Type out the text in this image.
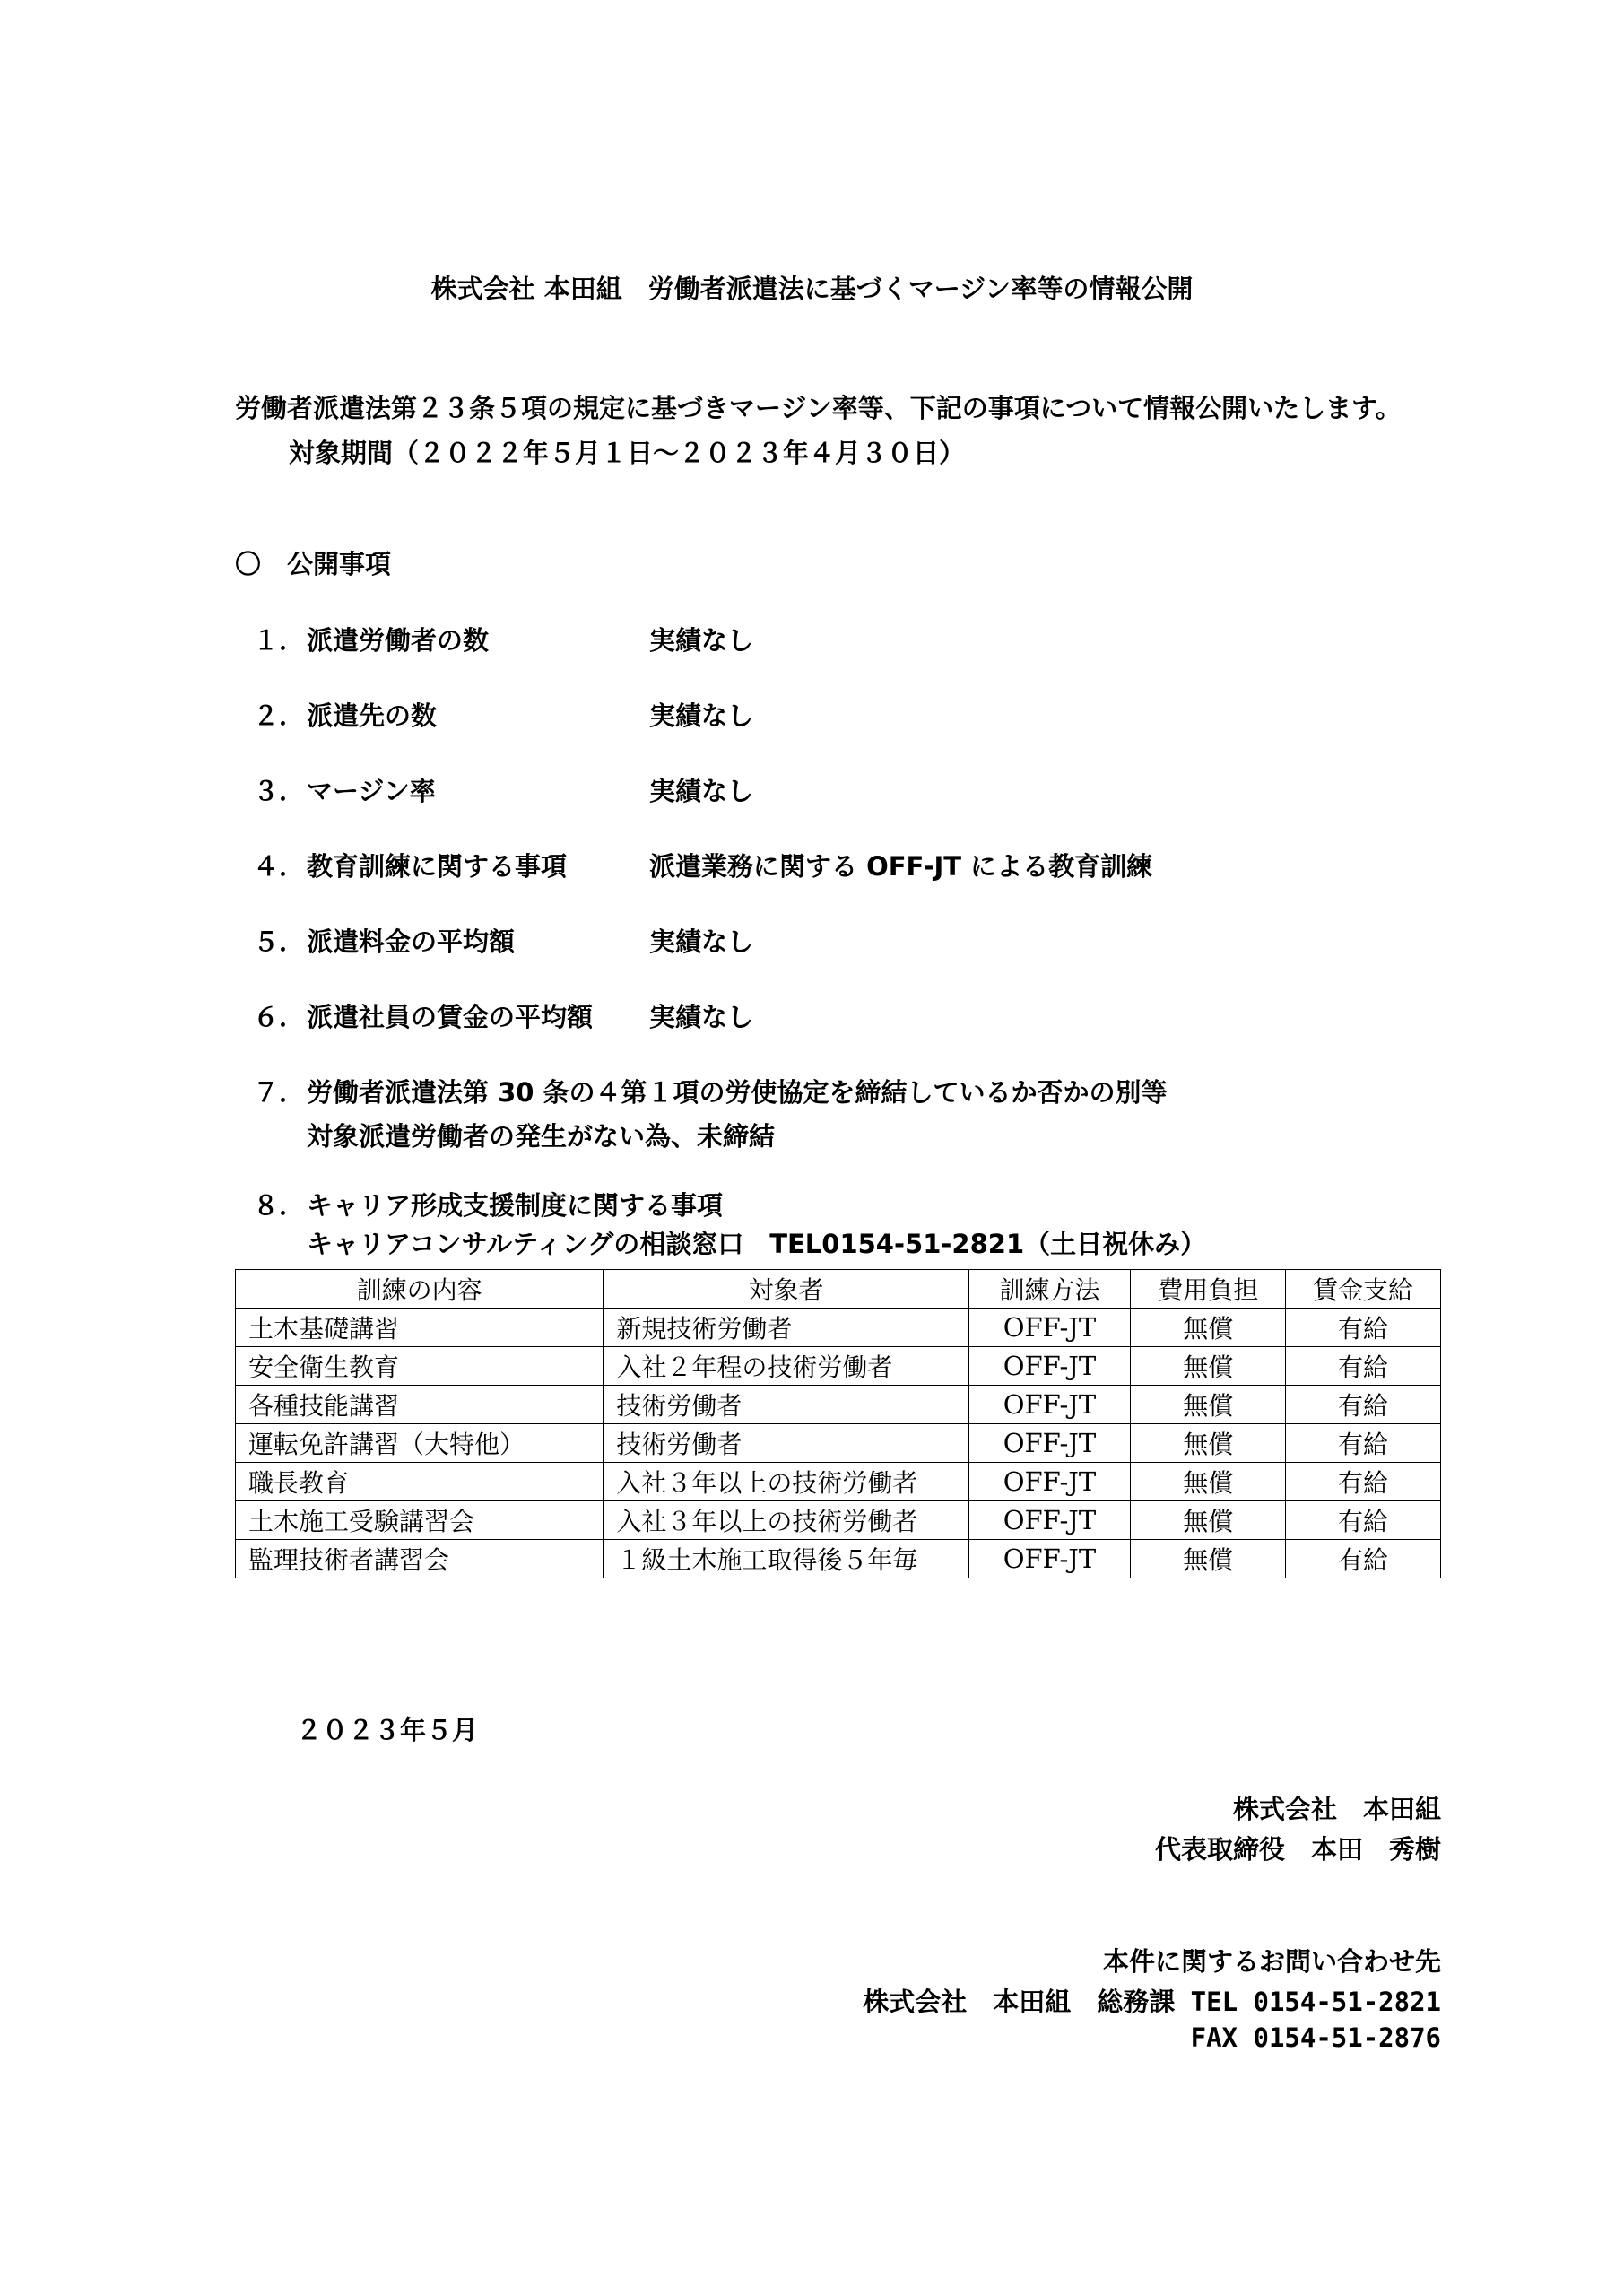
株式会社 本田組　労働者派遣法に基づくマージン率等の情報公開
労働者派遣法第２３条５項の規定に基づきマージン率等、下記の事項について情報公開いたします。対象期間（２０２２年５月１日～２０２３年４月３０日）
〇　公開事項
１．派遣労働者の数	実績なし
２．派遣先の数	実績なし
３．マージン率	実績なし
４．教育訓練に関する事項	派遣業務に関する OFF-JT による教育訓練
５．派遣料金の平均額	実績なし
６．派遣社員の賃金の平均額 実績なし
７．労働者派遣法第 30 条の４第１項の労使協定を締結しているか否かの別等
対象派遣労働者の発生がない為、未締結
８．キャリア形成支援制度に関する事項
キャリアコンサルティングの相談窓口　TEL0154-51-2821（土日祝休み）
訓練の内容	対象者	訓練方法	費用負担	賃金支給
土木基礎講習	新規技術労働者	OFF-JT	無償	有給
安全衛生教育	入社２年程の技術労働者	OFF-JT	無償	有給
各種技能講習	技術労働者	OFF-JT	無償	有給
運転免許講習（大特他）	技術労働者	OFF-JT	無償	有給
職長教育	入社３年以上の技術労働者	OFF-JT	無償	有給
土木施工受験講習会	入社３年以上の技術労働者	OFF-JT	無償	有給
監理技術者講習会	１級土木施工取得後５年毎	OFF-JT	無償	有給
２０２３年５月
株式会社　本田組
代表取締役　本田　秀樹
本件に関するお問い合わせ先
株式会社　本田組　総務課 TEL 0154-51-2821
FAX 0154-51-2876
